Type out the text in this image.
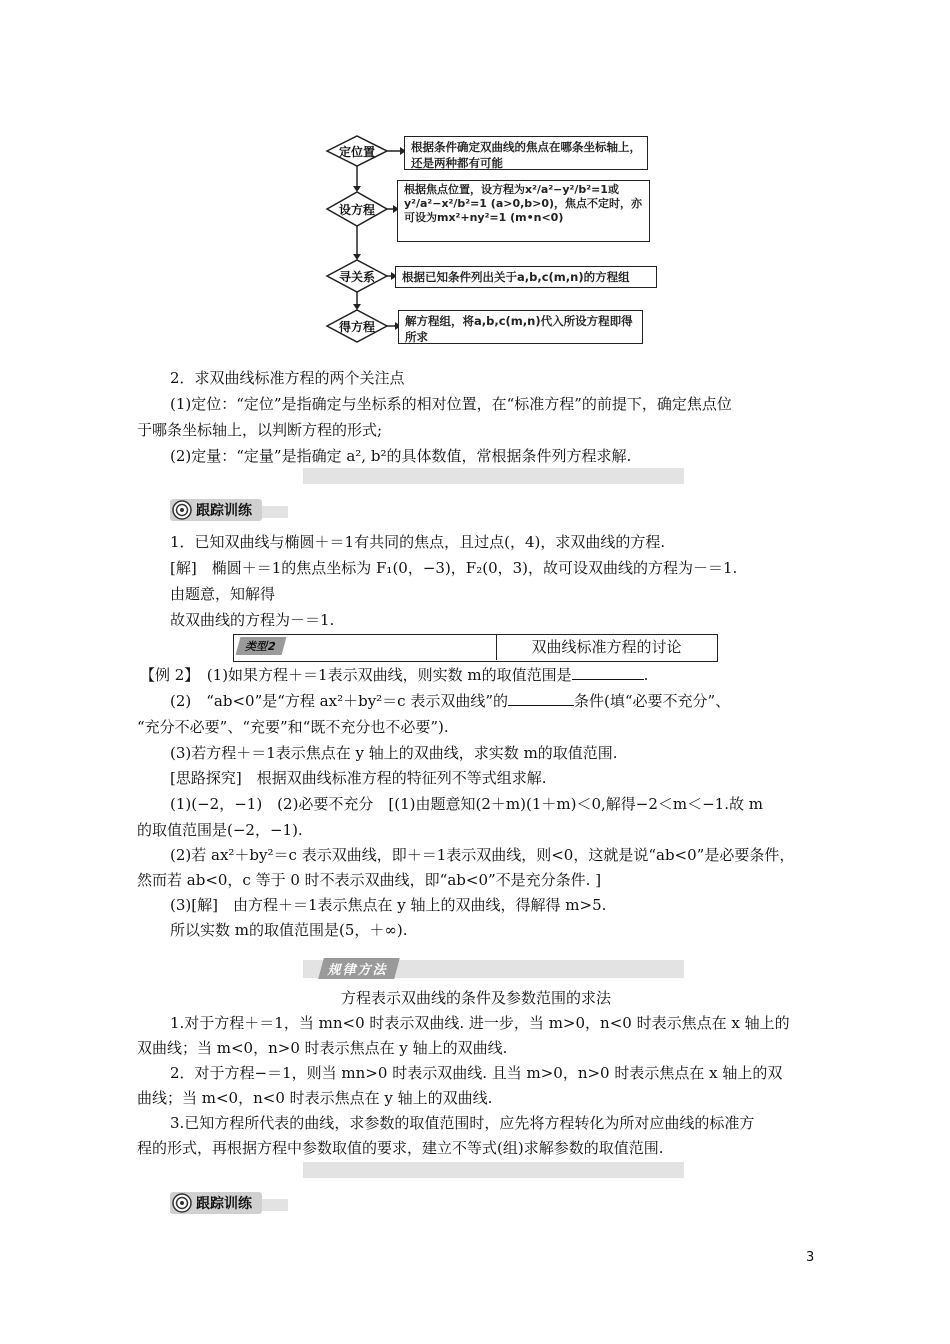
定位置
设方程
寻关系
得方程
根据条件确定双曲线的焦点在哪条坐标轴上，还是两种都有可能
根据焦点位置，设方程为x²/a²−y²/b²=1或y²/a²−x²/b²=1 (a>0,b>0)，焦点不定时，亦可设为mx²+ny²=1 (m•n<0)
根据已知条件列出关于a,b,c(m,n)的方程组
解方程组，将a,b,c(m,n)代入所设方程即得所求
2．求双曲线标准方程的两个关注点
(1)定位：“定位”是指确定与坐标系的相对位置，在“标准方程”的前提下，确定焦点位
于哪条坐标轴上，以判断方程的形式;
(2)定量：“定量”是指确定 a², b²的具体数值，常根据条件列方程求解.
跟踪训练
1．已知双曲线与椭圆＋＝1有共同的焦点，且过点(，4)，求双曲线的方程.
[解]　椭圆＋＝1的焦点坐标为 F₁(0，−3)，F₂(0，3)，故可设双曲线的方程为－＝1.
由题意，知解得
故双曲线的方程为－＝1.
类型2	双曲线标准方程的讨论
【例 2】　(1)如果方程＋＝1表示双曲线，则实数 m的取值范围是	.
(2)　“ab<0”是“方程 ax²＋by²＝c 表示双曲线”的	条件(填“必要不充分”、
“充分不必要”、“充要”和“既不充分也不必要”).
(3)若方程＋＝1表示焦点在 y 轴上的双曲线，求实数 m的取值范围.
[思路探究]　根据双曲线标准方程的特征列不等式组求解.
(1)(−2，−1)　(2)必要不充分　[(1)由题意知(2＋m)(1＋m)＜0,解得−2＜m＜−1.故 m
的取值范围是(−2，−1).
(2)若 ax²＋by²＝c 表示双曲线，即＋＝1表示双曲线，则<0，这就是说“ab<0”是必要条件，
然而若 ab<0，c 等于 0 时不表示双曲线，即“ab<0”不是充分条件. ]
(3)[解]　由方程＋＝1表示焦点在 y 轴上的双曲线，得解得 m>5.
所以实数 m的取值范围是(5，＋∞).
规律方法
方程表示双曲线的条件及参数范围的求法
1.对于方程＋＝1，当 mn<0 时表示双曲线. 进一步，当 m>0，n<0 时表示焦点在 x 轴上的
双曲线；当 m<0，n>0 时表示焦点在 y 轴上的双曲线.
2．对于方程−＝1，则当 mn>0 时表示双曲线. 且当 m>0，n>0 时表示焦点在 x 轴上的双
曲线；当 m<0，n<0 时表示焦点在 y 轴上的双曲线.
3.已知方程所代表的曲线，求参数的取值范围时，应先将方程转化为所对应曲线的标准方
程的形式，再根据方程中参数取值的要求，建立不等式(组)求解参数的取值范围.
跟踪训练
3
